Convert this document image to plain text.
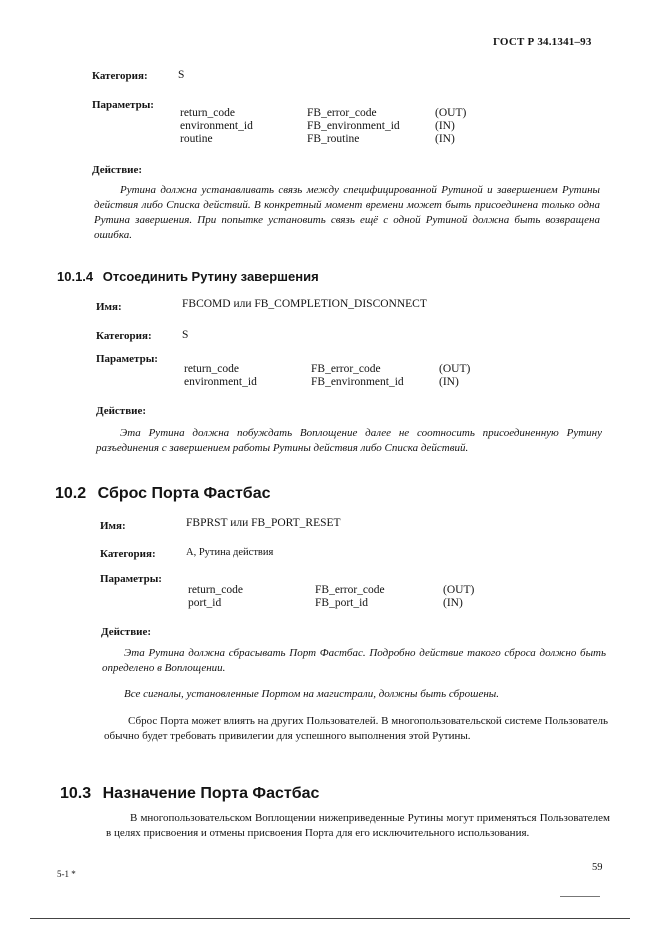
ГОСТ Р 34.1341–93
Категория:	S
Параметры:
return_code	FB_error_code	(OUT)
environment_id	FB_environment_id	(IN)
routine	FB_routine	(IN)
Действие:
Рутина должна устанавливать связь между специфицированной Рутиной и завершением Рутины действия либо Списка действий. В конкретный момент времени может быть присоединена только одна Рутина завершения. При попытке установить связь ещё с одной Рутиной должна быть возвращена ошибка.
10.1.4 Отсоединить Рутину завершения
Имя:	FBCOMD или FB_COMPLETION_DISCONNECT
Категория:	S
Параметры:
return_code	FB_error_code	(OUT)
environment_id	FB_environment_id	(IN)
Действие:
Эта Рутина должна побуждать Воплощение далее не соотносить присоединенную Рутину разъединения с завершением работы Рутины действия либо Списка действий.
10.2 Сброс Порта Фастбас
Имя:	FBPRST или FB_PORT_RESET
Категория:	А, Рутина действия
Параметры:
return_code	FB_error_code	(OUT)
port_id	FB_port_id	(IN)
Действие:
Эта Рутина должна сбрасывать Порт Фастбас. Подробно действие такого сброса должно быть определено в Воплощении.
Все сигналы, установленные Портом на магистрали, должны быть сброшены.
Сброс Порта может влиять на других Пользователей. В многопользовательской системе Пользователь обычно будет требовать привилегии для успешного выполнения этой Рутины.
10.3 Назначение Порта Фастбас
В многопользовательском Воплощении нижеприведенные Рутины могут применяться Пользователем в целях присвоения и отмены присвоения Порта для его исключительного использования.
5-1 *
59
